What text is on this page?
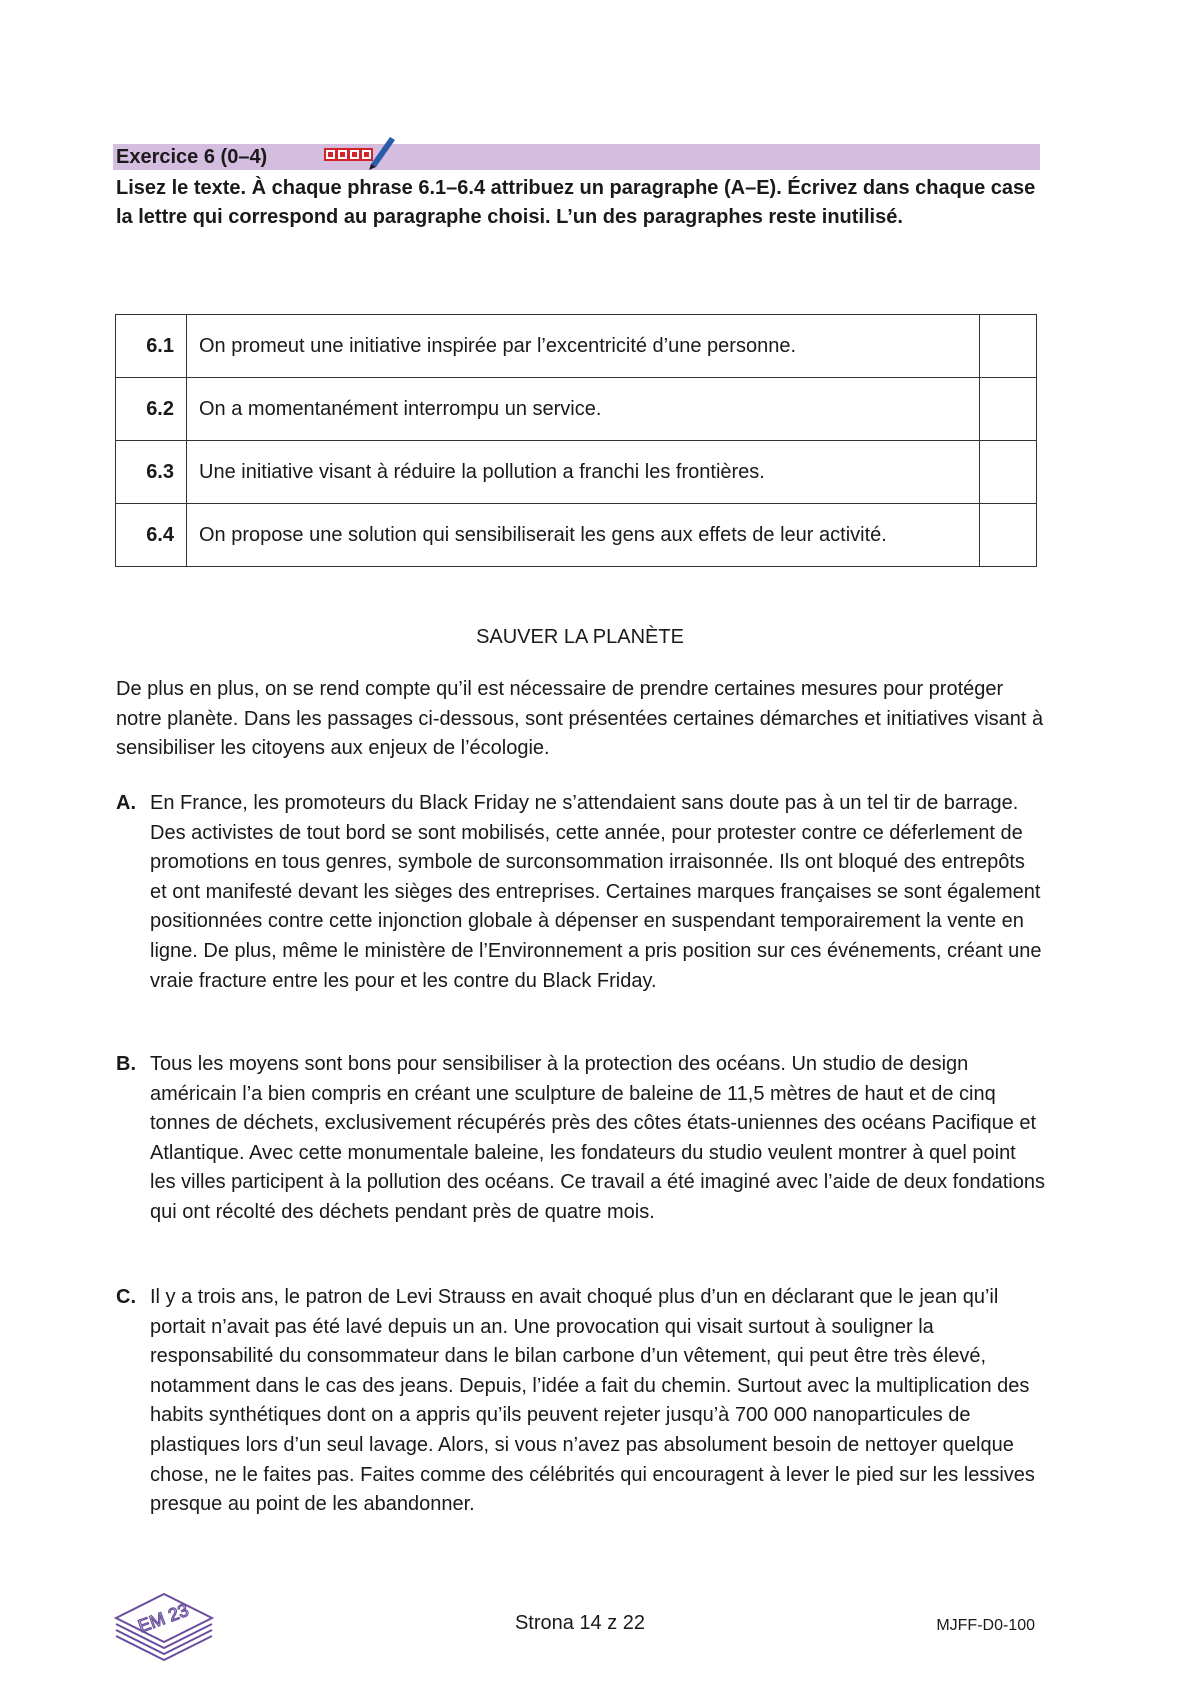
Exercice 6 (0–4)
Lisez le texte. À chaque phrase 6.1–6.4 attribuez un paragraphe (A–E). Écrivez dans chaque case la lettre qui correspond au paragraphe choisi. L’un des paragraphes reste inutilisé.
6.1	On promeut une initiative inspirée par l’excentricité d’une personne.	
6.2	On a momentanément interrompu un service.	
6.3	Une initiative visant à réduire la pollution a franchi les frontières.	
6.4	On propose une solution qui sensibiliserait les gens aux effets de leur activité.	
SAUVER LA PLANÈTE
De plus en plus, on se rend compte qu’il est nécessaire de prendre certaines mesures pour protéger notre planète. Dans les passages ci-dessous, sont présentées certaines démarches et initiatives visant à sensibiliser les citoyens aux enjeux de l’écologie.
A. En France, les promoteurs du Black Friday ne s’attendaient sans doute pas à un tel tir de barrage. Des activistes de tout bord se sont mobilisés, cette année, pour protester contre ce déferlement de promotions en tous genres, symbole de surconsommation irraisonnée. Ils ont bloqué des entrepôts et ont manifesté devant les sièges des entreprises. Certaines marques françaises se sont également positionnées contre cette injonction globale à dépenser en suspendant temporairement la vente en ligne. De plus, même le ministère de l’Environnement a pris position sur ces événements, créant une vraie fracture entre les pour et les contre du Black Friday.
B. Tous les moyens sont bons pour sensibiliser à la protection des océans. Un studio de design américain l’a bien compris en créant une sculpture de baleine de 11,5 mètres de haut et de cinq tonnes de déchets, exclusivement récupérés près des côtes états-uniennes des océans Pacifique et Atlantique. Avec cette monumentale baleine, les fondateurs du studio veulent montrer à quel point les villes participent à la pollution des océans. Ce travail a été imaginé avec l’aide de deux fondations qui ont récolté des déchets pendant près de quatre mois.
C. Il y a trois ans, le patron de Levi Strauss en avait choqué plus d’un en déclarant que le jean qu’il portait n’avait pas été lavé depuis un an. Une provocation qui visait surtout à souligner la responsabilité du consommateur dans le bilan carbone d’un vêtement, qui peut être très élevé, notamment dans le cas des jeans. Depuis, l’idée a fait du chemin. Surtout avec la multiplication des habits synthétiques dont on a appris qu’ils peuvent rejeter jusqu’à 700 000 nanoparticules de plastiques lors d’un seul lavage. Alors, si vous n’avez pas absolument besoin de nettoyer quelque chose, ne le faites pas. Faites comme des célébrités qui encouragent à lever le pied sur les lessives presque au point de les abandonner.
EM 23	Strona 14 z 22	MJFF-D0-100
